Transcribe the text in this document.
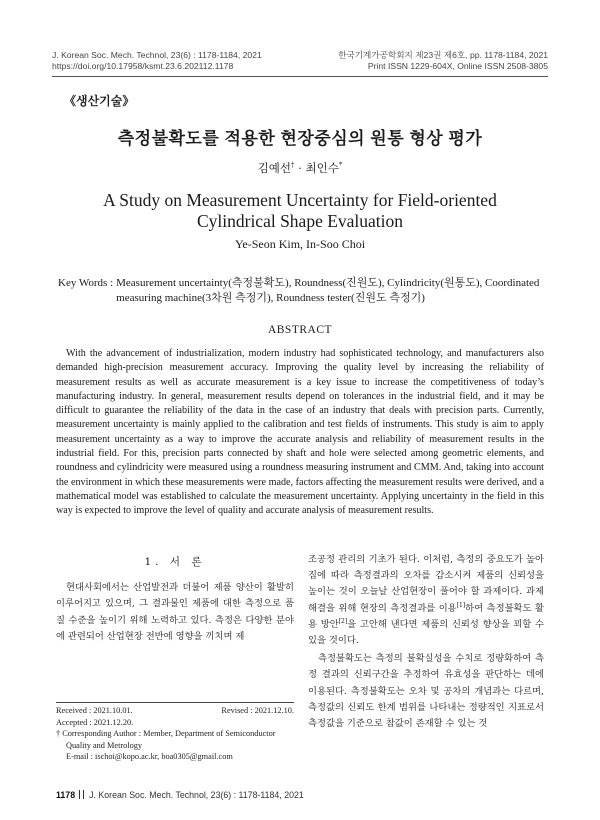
J. Korean Soc. Mech. Technol, 23(6) : 1178-1184, 2021
https://doi.org/10.17958/ksmt.23.6.202112.1178
한국기계가공학회지 제23권 제6호, pp. 1178-1184, 2021
Print ISSN 1229-604X, Online ISSN 2508-3805
《생산기술》
측정불확도를 적용한 현장중심의 원통 형상 평가
김예선† · 최인수*
A Study on Measurement Uncertainty for Field-oriented
Cylindrical Shape Evaluation
Ye-Seon Kim, In-Soo Choi
Key Words : Measurement uncertainty(측정불확도), Roundness(진원도), Cylindricity(원통도), Coordinated measuring machine(3차원 측정기), Roundness tester(진원도 측정기)
ABSTRACT

With the advancement of industrialization, modern industry had sophisticated technology, and manufacturers also demanded high-precision measurement accuracy. Improving the quality level by increasing the reliability of measurement results as well as accurate measurement is a key issue to increase the competitiveness of today’s manufacturing industry. In general, measurement results depend on tolerances in the industrial field, and it may be difficult to guarantee the reliability of the data in the case of an industry that deals with precision parts. Currently, measurement uncertainty is mainly applied to the calibration and test fields of instruments. This study is aim to apply measurement uncertainty as a way to improve the accurate analysis and reliability of measurement results in the industrial field. For this, precision parts connected by shaft and hole were selected among geometric elements, and roundness and cylindricity were measured using a roundness measuring instrument and CMM. And, taking into account the environment in which these measurements were made, factors affecting the measurement results were derived, and a mathematical model was established to calculate the measurement uncertainty. Applying uncertainty in the field in this way is expected to improve the level of quality and accurate analysis of measurement results.

1. 서 론

현대사회에서는 산업발전과 더불어 제품 양산이 활발히 이루어지고 있으며, 그 결과물인 제품에 대한 측정으로 품질 수준을 높이기 위해 노력하고 있다. 측정은 다양한 분야에 관련되어 산업현장 전반에 영향을 끼치며 제

조공정 관리의 기초가 된다. 이처럼, 측정의 중요도가 높아짐에 따라 측정결과의 오차를 감소시켜 제품의 신뢰성을 높이는 것이 오늘날 산업현장이 풀어야 할 과제이다. 과제해결을 위해 현장의 측정결과를 이용[1]하여 측정불확도 활용 방안[2]을 고안해 낸다면 제품의 신뢰성 향상을 꾀할 수 있을 것이다.

측정불확도는 측정의 불확실성을 수치로 정량화하여 측정 결과의 신뢰구간을 추정하여 유효성을 판단하는 데에 이용된다. 측정불확도는 오차 및 공차의 개념과는 다르며, 측정값의 신뢰도 한계 범위를 나타내는 정량적인 지표로서 측정값을 기준으로 참값이 존재할 수 있는 것

Received : 2021.10.01.	Revised : 2021.12.10.
Accepted : 2021.12.20.
† Corresponding Author : Member, Department of Semiconductor
Quality and Metrology
E-mail : ischoi@kopo.ac.kr, boa0305@gmail.com
1178 J. Korean Soc. Mech. Technol, 23(6) : 1178-1184, 2021
